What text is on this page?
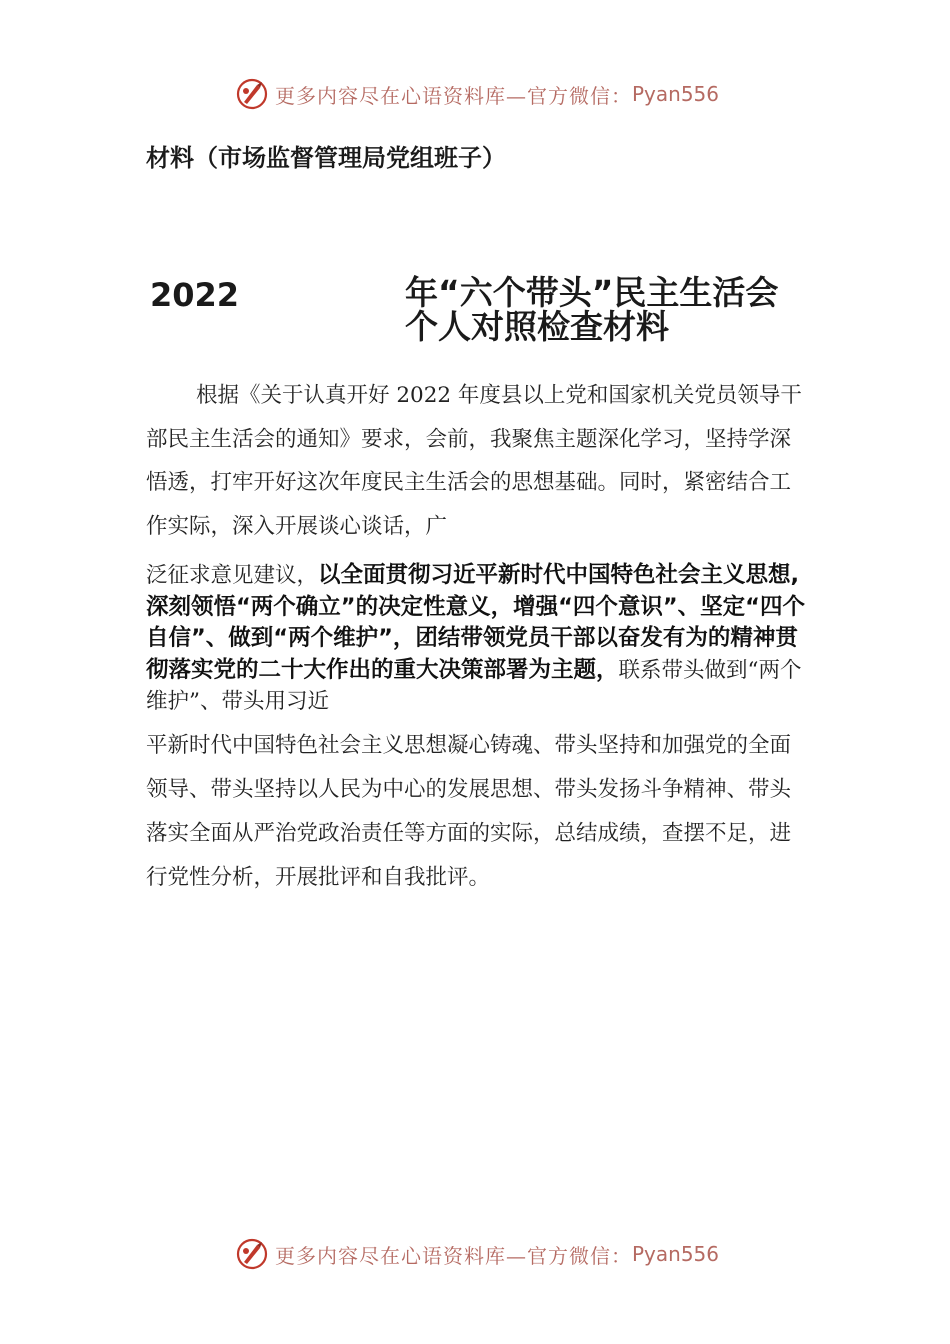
更多内容尽在心语资料库—官方微信： Pyan556

材料（市场监督管理局党组班子）

2022	年“六个带头”民主生活会个人对照检查材料

根据《关于认真开好 2022 年度县以上党和国家机关党员领导干部民主生活会的通知》要求，会前，我聚焦主题深化学习，坚持学深悟透，打牢开好这次年度民主生活会的思想基础。同时，紧密结合工作实际，深入开展谈心谈话，广

泛征求意见建议，以全面贯彻习近平新时代中国特色社会主义思想,深刻领悟“两个确立”的决定性意义，增强“四个意识”、坚定“四个自信”、做到“两个维护”，团结带领党员干部以奋发有为的精神贯彻落实党的二十大作出的重大决策部署为主题，联系带头做到“两个维护”、带头用习近

平新时代中国特色社会主义思想凝心铸魂、带头坚持和加强党的全面领导、带头坚持以人民为中心的发展思想、带头发扬斗争精神、带头落实全面从严治党政治责任等方面的实际，总结成绩，查摆不足，进行党性分析，开展批评和自我批评。

更多内容尽在心语资料库—官方微信： Pyan556
